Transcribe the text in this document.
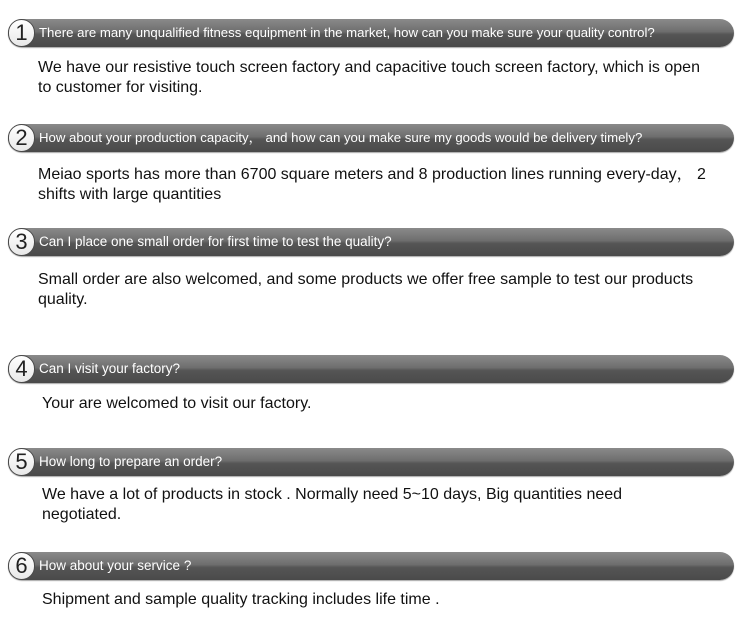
1 There are many unqualified fitness equipment in the market, how can you make sure your quality control?
We have our resistive touch screen factory and capacitive touch screen factory, which is open to customer for visiting.
2 How about your production capacity， and how can you make sure my goods would be delivery timely?
Meiao sports has more than 6700 square meters and 8 production lines running every-day， 2 shifts with large quantities
3 Can I place one small order for first time to test the quality?
Small order are also welcomed, and some products we offer free sample to test our products quality.
4 Can I visit your factory?
Your are welcomed to visit our factory.
5 How long to prepare an order?
We have a lot of products in stock . Normally need 5~10 days, Big quantities need negotiated.
6 How about your service ?
Shipment and sample quality tracking includes life time .
